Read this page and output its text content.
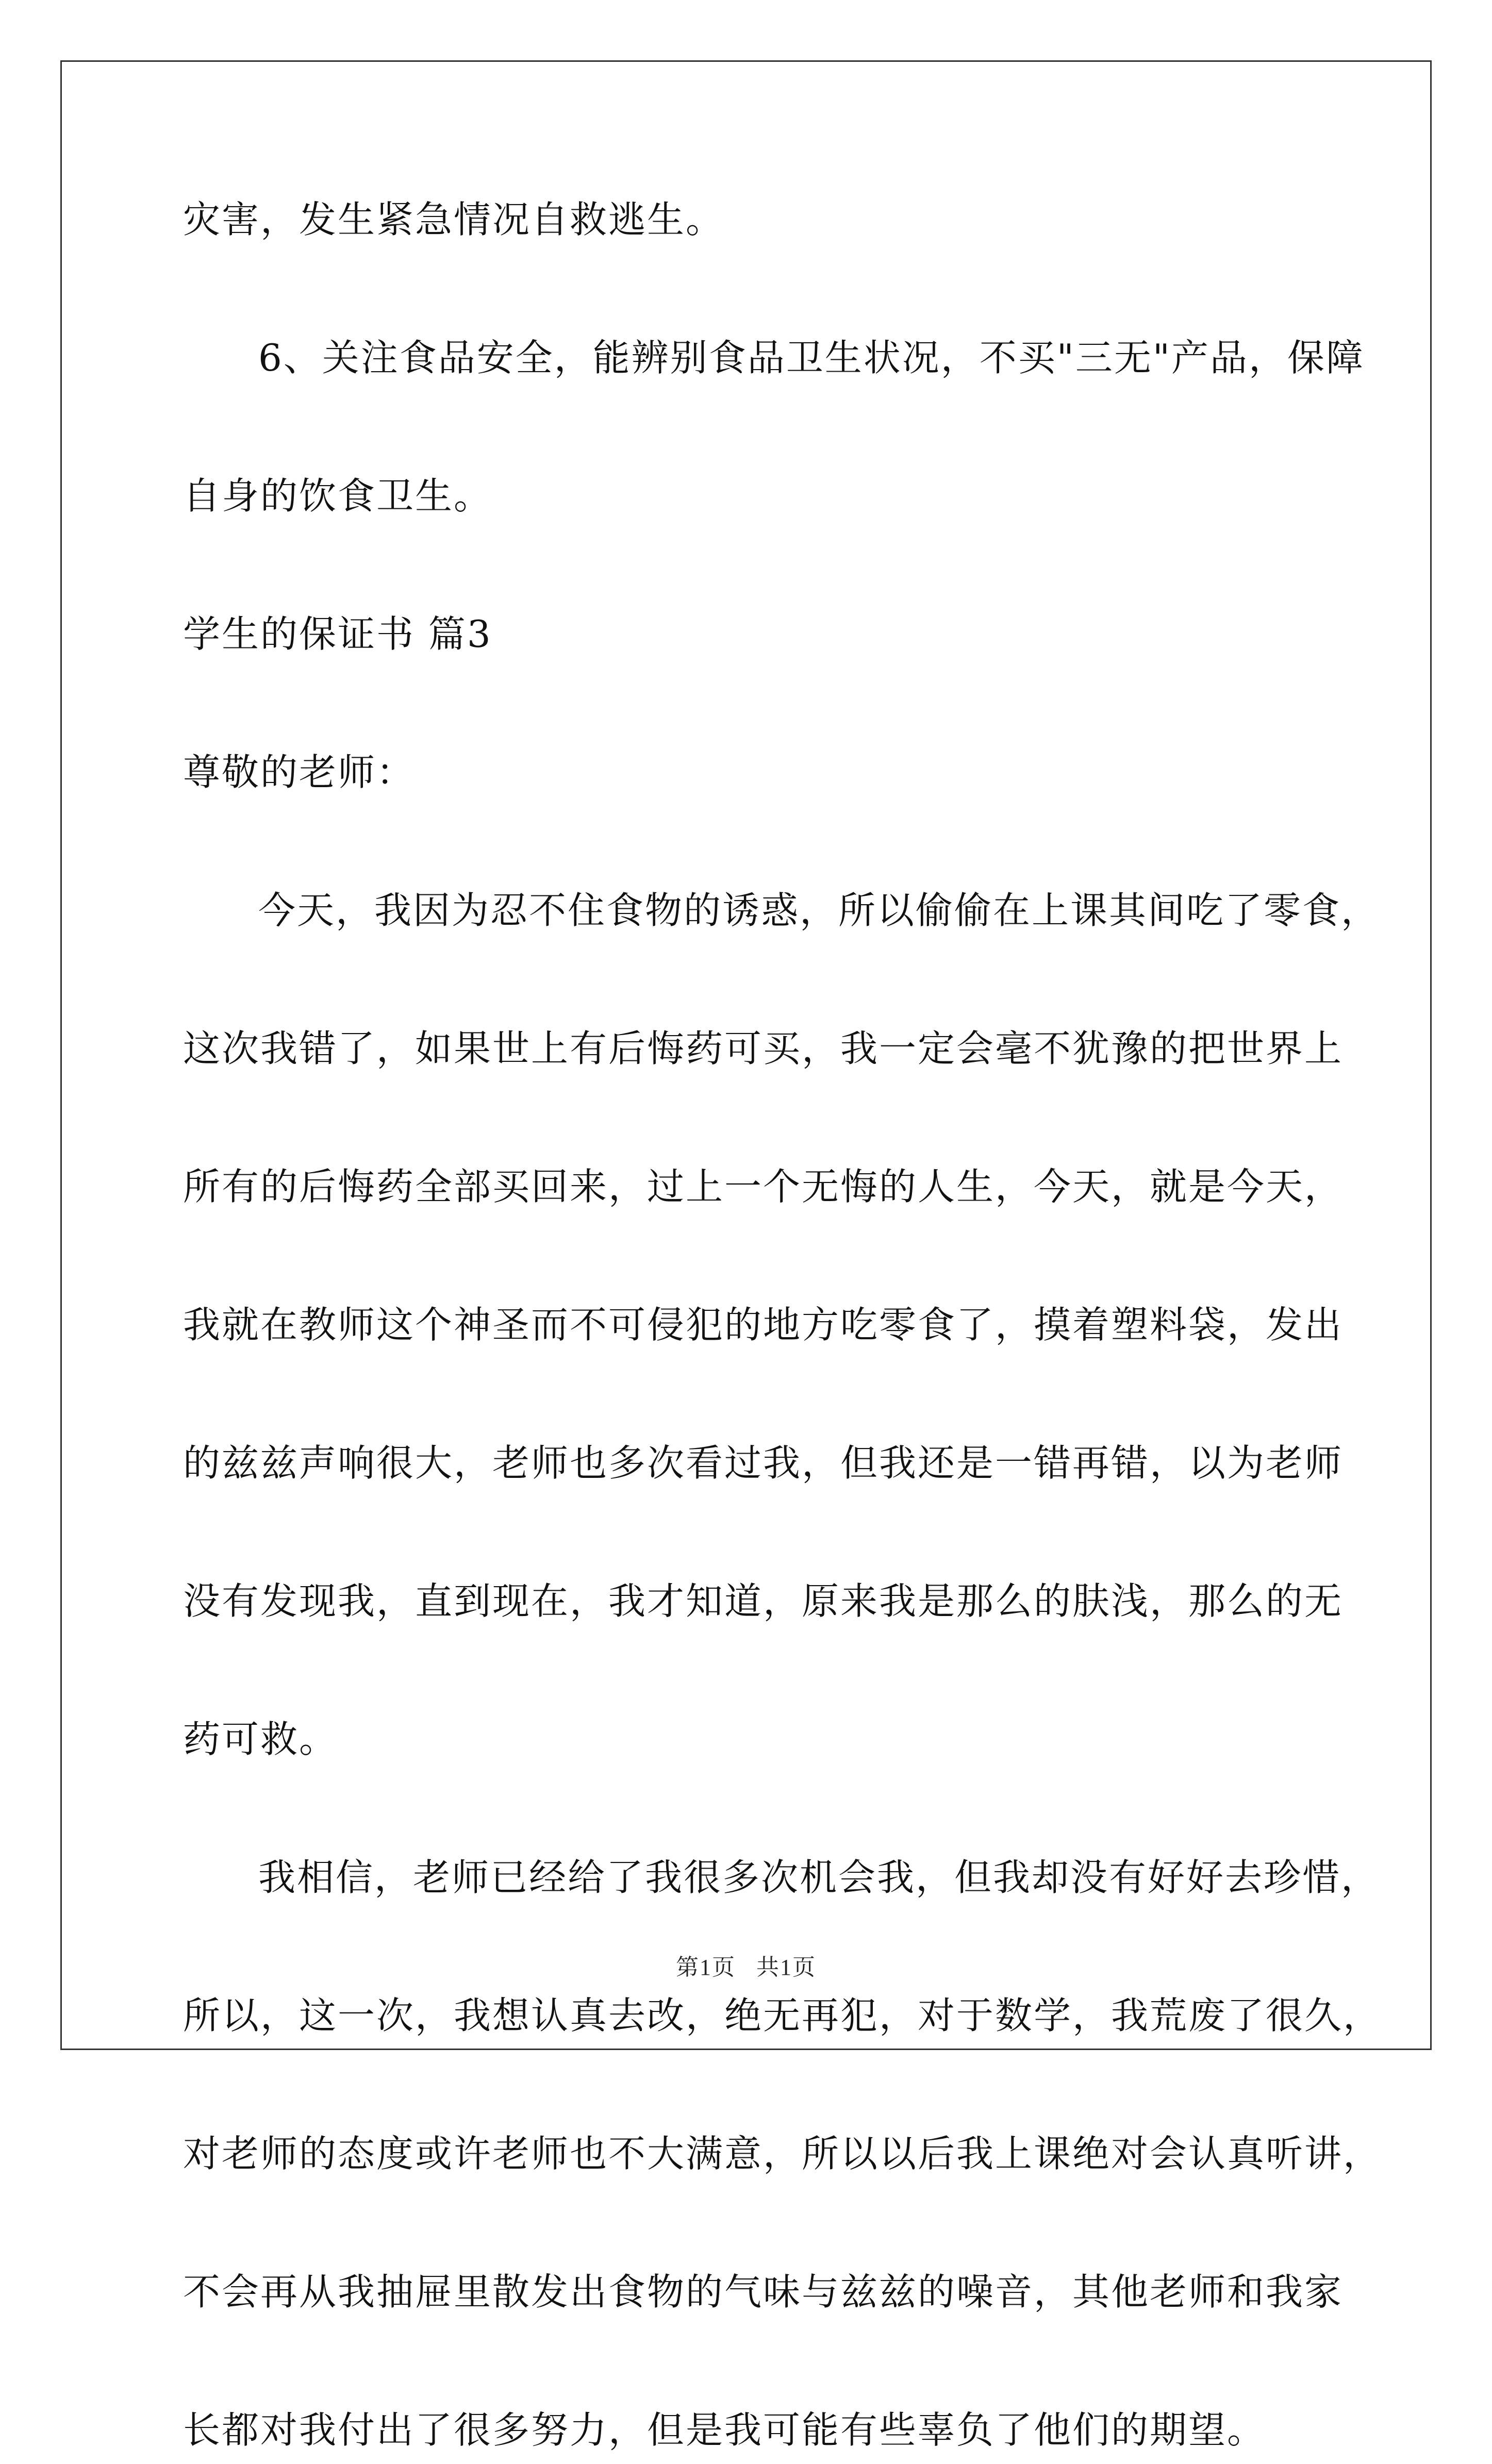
灾害，发生紧急情况自救逃生。
6、关注食品安全，能辨别食品卫生状况，不买"三无"产品，保障
自身的饮食卫生。
学生的保证书 篇3
尊敬的老师：
今天，我因为忍不住食物的诱惑，所以偷偷在上课其间吃了零食，
这次我错了，如果世上有后悔药可买，我一定会毫不犹豫的把世界上
所有的后悔药全部买回来，过上一个无悔的人生，今天，就是今天，
我就在教师这个神圣而不可侵犯的地方吃零食了，摸着塑料袋，发出
的兹兹声响很大，老师也多次看过我，但我还是一错再错，以为老师
没有发现我，直到现在，我才知道，原来我是那么的肤浅，那么的无
药可救。
我相信，老师已经给了我很多次机会我，但我却没有好好去珍惜，
所以，这一次，我想认真去改，绝无再犯，对于数学，我荒废了很久，
对老师的态度或许老师也不大满意，所以以后我上课绝对会认真听讲，
不会再从我抽屉里散发出食物的气味与兹兹的噪音，其他老师和我家
长都对我付出了很多努力，但是我可能有些辜负了他们的期望。
第1页 共1页
